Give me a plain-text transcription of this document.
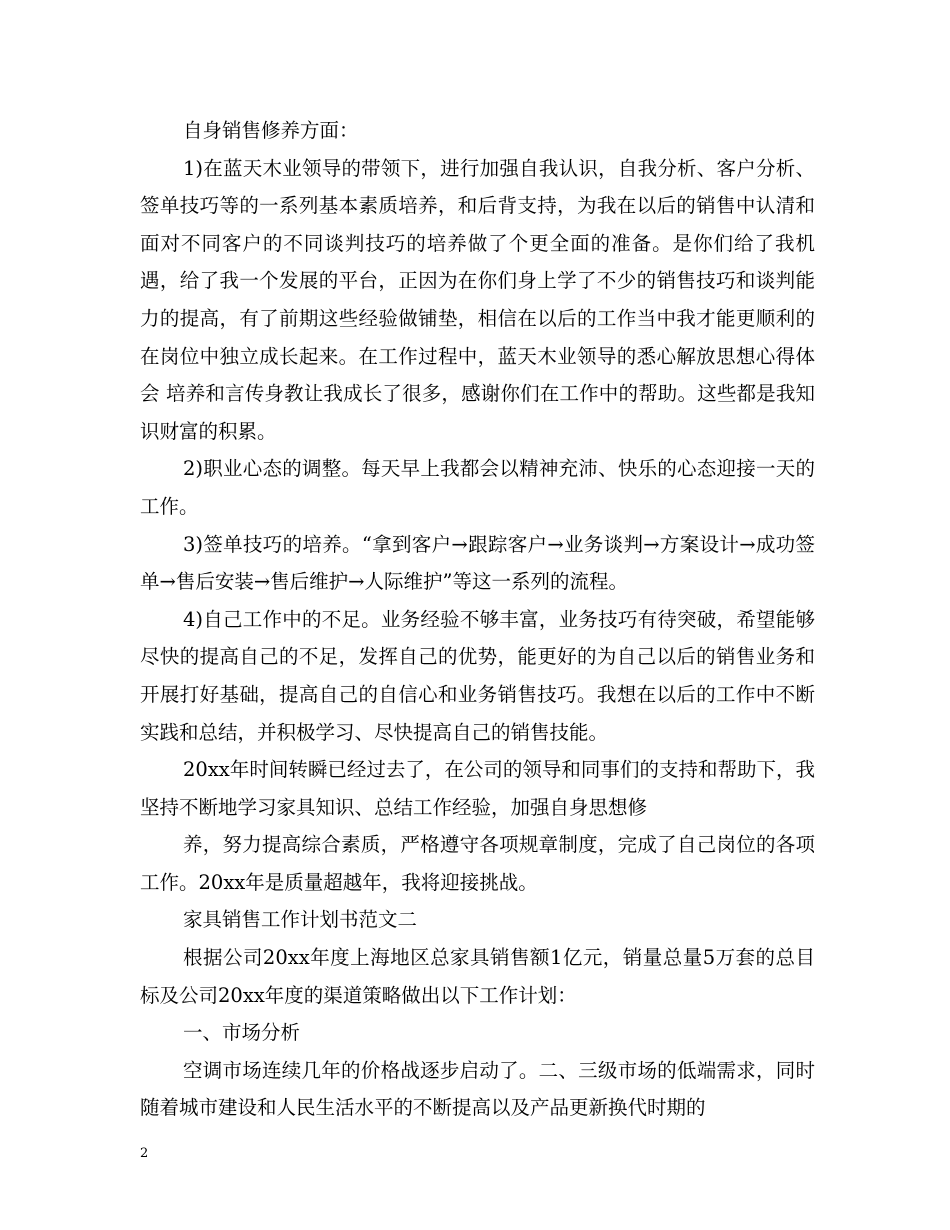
自身销售修养方面：

1)在蓝天木业领导的带领下，进行加强自我认识，自我分析、客户分析、签单技巧等的一系列基本素质培养，和后背支持，为我在以后的销售中认清和面对不同客户的不同谈判技巧的培养做了个更全面的准备。是你们给了我机遇，给了我一个发展的平台，正因为在你们身上学了不少的销售技巧和谈判能力的提高，有了前期这些经验做铺垫，相信在以后的工作当中我才能更顺利的在岗位中独立成长起来。在工作过程中，蓝天木业领导的悉心解放思想心得体会 培养和言传身教让我成长了很多，感谢你们在工作中的帮助。这些都是我知识财富的积累。

2)职业心态的调整。每天早上我都会以精神充沛、快乐的心态迎接一天的工作。

3)签单技巧的培养。“拿到客户→跟踪客户→业务谈判→方案设计→成功签单→售后安装→售后维护→人际维护”等这一系列的流程。

4)自己工作中的不足。业务经验不够丰富，业务技巧有待突破，希望能够尽快的提高自己的不足，发挥自己的优势，能更好的为自己以后的销售业务和开展打好基础，提高自己的自信心和业务销售技巧。我想在以后的工作中不断实践和总结，并积极学习、尽快提高自己的销售技能。

20xx年时间转瞬已经过去了，在公司的领导和同事们的支持和帮助下，我坚持不断地学习家具知识、总结工作经验，加强自身思想修

养，努力提高综合素质，严格遵守各项规章制度，完成了自己岗位的各项工作。20xx年是质量超越年，我将迎接挑战。

家具销售工作计划书范文二

根据公司20xx年度上海地区总家具销售额1亿元，销量总量5万套的总目标及公司20xx年度的渠道策略做出以下工作计划：

一、市场分析

空调市场连续几年的价格战逐步启动了。二、三级市场的低端需求，同时随着城市建设和人民生活水平的不断提高以及产品更新换代时期的

2
